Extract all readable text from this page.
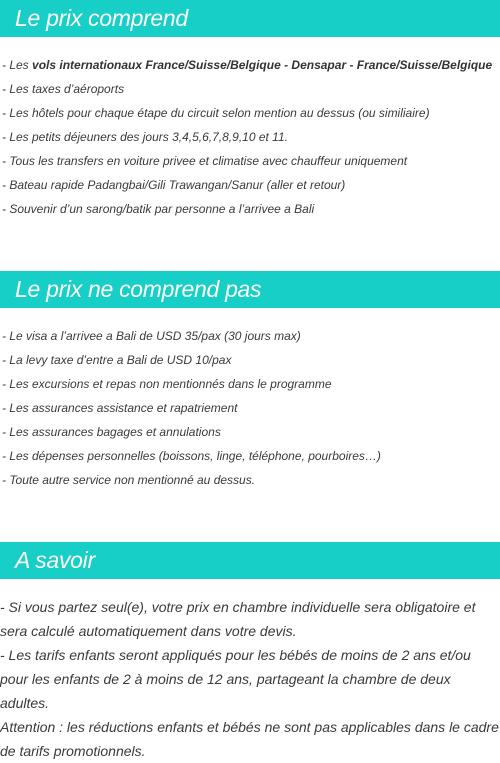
Le prix comprend
- Les vols internationaux France/Suisse/Belgique - Densapar - France/Suisse/Belgique
- Les taxes d’aéroports
- Les hôtels pour chaque étape du circuit selon mention au dessus (ou similiaire)
- Les petits déjeuners des jours 3,4,5,6,7,8,9,10 et 11.
- Tous les transfers en voiture privee et climatise avec chauffeur uniquement
- Bateau rapide Padangbai/Gili Trawangan/Sanur (aller et retour)
- Souvenir d’un sarong/batik par personne a l’arrivee a Bali
Le prix ne comprend pas
- Le visa a l’arrivee a Bali de USD 35/pax (30 jours max)
- La levy taxe d’entre a Bali de USD 10/pax
- Les excursions et repas non mentionnés dans le programme
- Les assurances assistance et rapatriement
- Les assurances bagages et annulations
- Les dépenses personnelles (boissons, linge, téléphone, pourboires…)
- Toute autre service non mentionné au dessus.
A savoir

- Si vous partez seul(e), votre prix en chambre individuelle sera obligatoire et sera calculé automatiquement dans votre devis.

- Les tarifs enfants seront appliqués pour les bébés de moins de 2 ans et/ou pour les enfants de 2 à moins de 12 ans, partageant la chambre de deux adultes.

Attention : les réductions enfants et bébés ne sont pas applicables dans le cadre de tarifs promotionnels.
